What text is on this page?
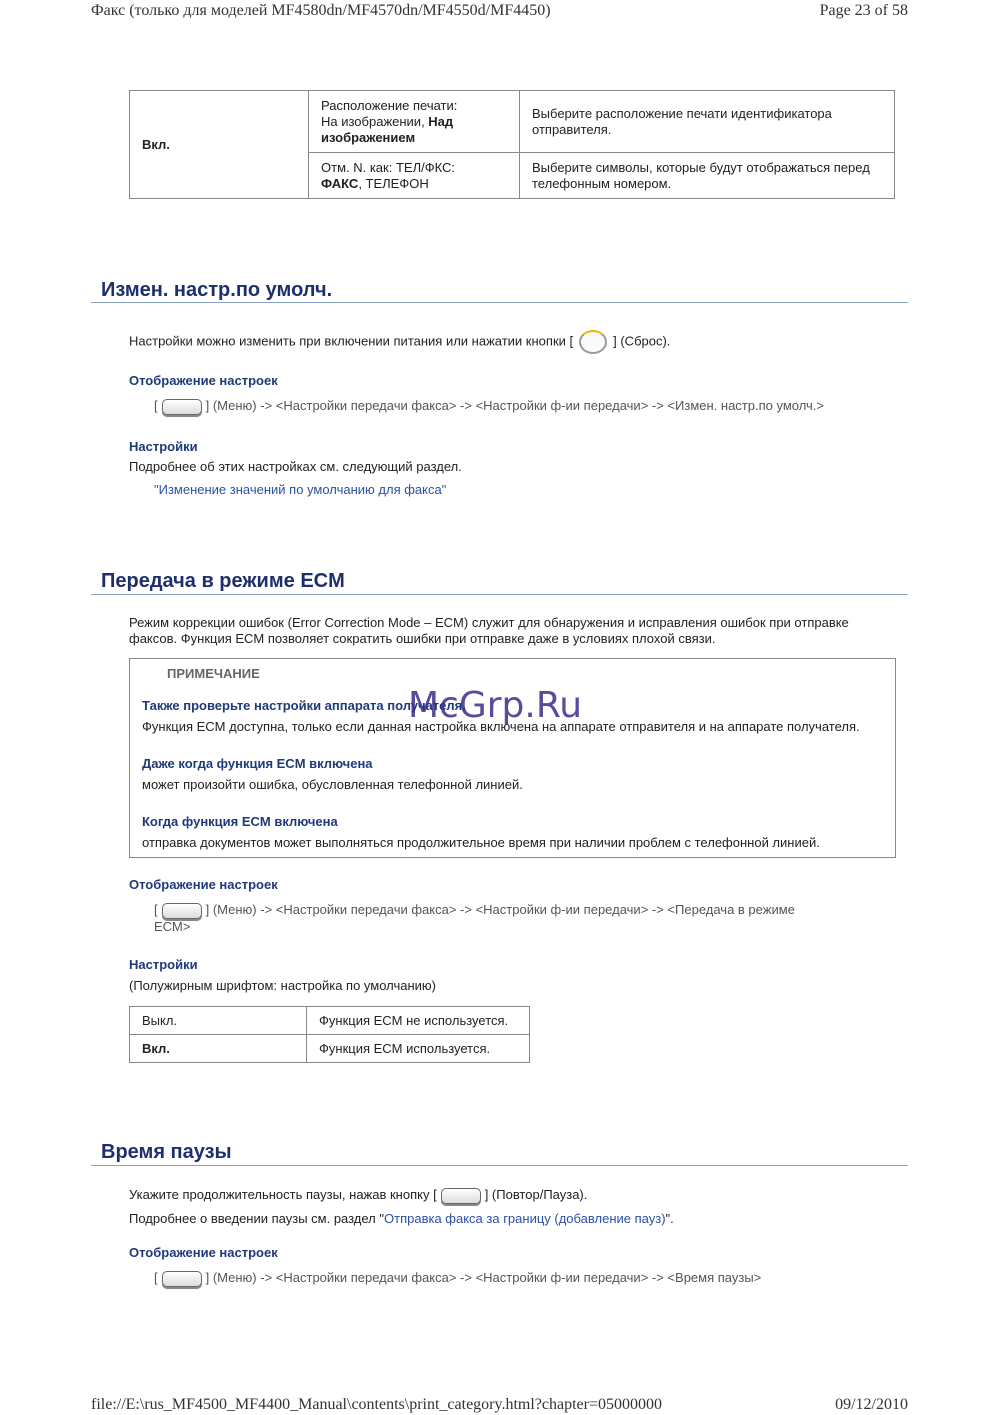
Факс (только для моделей MF4580dn/MF4570dn/MF4550d/MF4450)	Page 23 of 58
Вкл.	Расположение печати:
На изображении, Над
изображением	Выберите расположение печати идентификатора отправителя.
	Отм. N. как: ТЕЛ/ФКС:
ФАКС, ТЕЛЕФОН	Выберите символы, которые будут отображаться перед телефонным номером.
Измен. настр.по умолч.
Настройки можно изменить при включении питания или нажатии кнопки [	] (Сброс).
Отображение настроек
[	] (Меню) -> <Настройки передачи факса> -> <Настройки ф-ии передачи> -> <Измен. настр.по умолч.>
Настройки
Подробнее об этих настройках см. следующий раздел.
"Изменение значений по умолчанию для факса"
Передача в режиме ECM
Режим коррекции ошибок (Error Correction Mode – ECM) служит для обнаружения и исправления ошибок при отправке
факсов. Функция ECM позволяет сократить ошибки при отправке даже в условиях плохой связи.
ПРИМЕЧАНИЕ
Также проверьте настройки аппарата получателя.
Функция ECM доступна, только если данная настройка включена на аппарате отправителя и на аппарате получателя.
Даже когда функция ECM включена
может произойти ошибка, обусловленная телефонной линией.
Когда функция ECM включена
отправка документов может выполняться продолжительное время при наличии проблем с телефонной линией.
McGrp.Ru
Отображение настроек
[	] (Меню) -> <Настройки передачи факса> -> <Настройки ф-ии передачи> -> <Передача в режиме
ECM>
Настройки
(Полужирным шрифтом: настройка по умолчанию)
Выкл.	Функция ECM не используется.
Вкл.	Функция ECM используется.
Время паузы
Укажите продолжительность паузы, нажав кнопку [	] (Повтор/Пауза).
Подробнее о введении паузы см. раздел "Отправка факса за границу (добавление пауз)".
Отображение настроек
[	] (Меню) -> <Настройки передачи факса> -> <Настройки ф-ии передачи> -> <Время паузы>
file://E:\rus_MF4500_MF4400_Manual\contents\print_category.html?chapter=05000000	09/12/2010
